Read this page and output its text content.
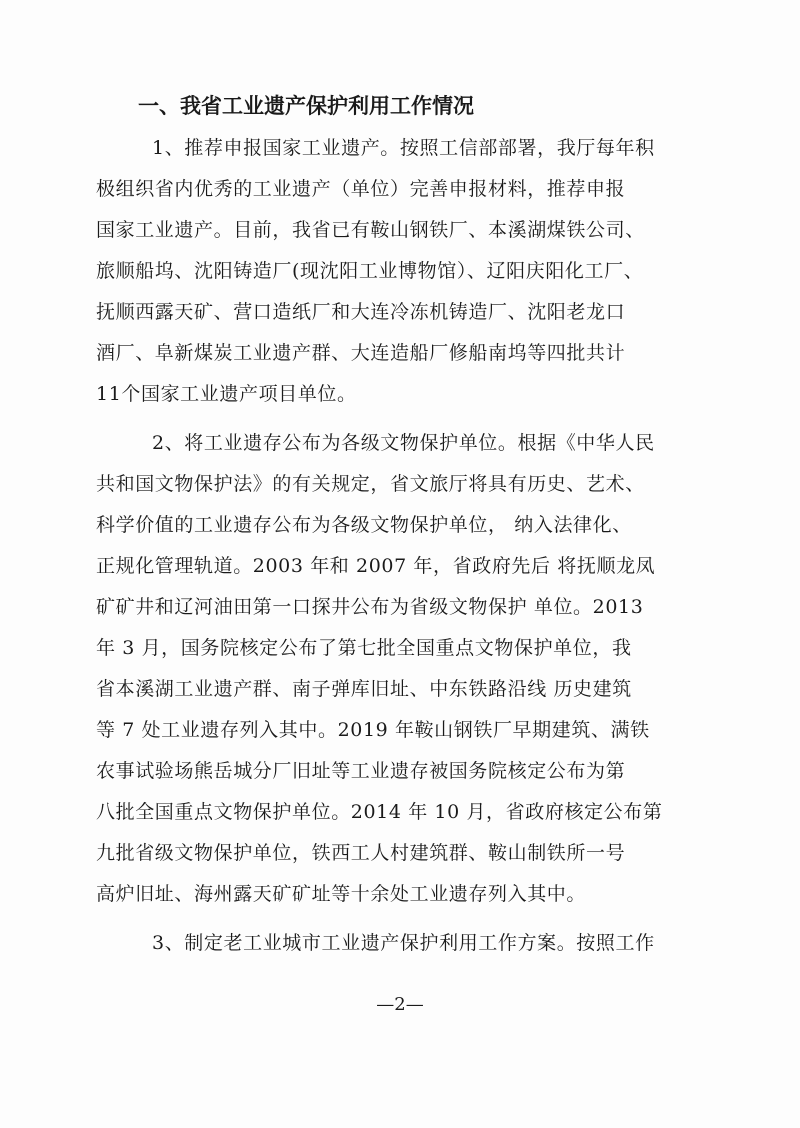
一、我省工业遗产保护利用工作情况
1、推荐申报国家工业遗产。按照工信部部署，我厅每年积
极组织省内优秀的工业遗产（单位）完善申报材料，推荐申报
国家工业遗产。目前，我省已有鞍山钢铁厂、本溪湖煤铁公司、
旅顺船坞、沈阳铸造厂(现沈阳工业博物馆）、辽阳庆阳化工厂、
抚顺西露天矿、营口造纸厂和大连冷冻机铸造厂、沈阳老龙口
酒厂、阜新煤炭工业遗产群、大连造船厂修船南坞等四批共计
11个国家工业遗产项目单位。
2、将工业遗存公布为各级文物保护单位。根据《中华人民
共和国文物保护法》的有关规定，省文旅厅将具有历史、艺术、
科学价值的工业遗存公布为各级文物保护单位， 纳入法律化、
正规化管理轨道。2003 年和 2007 年，省政府先后 将抚顺龙凤
矿矿井和辽河油田第一口探井公布为省级文物保护 单位。2013
年 3 月，国务院核定公布了第七批全国重点文物保护单位，我
省本溪湖工业遗产群、南子弹库旧址、中东铁路沿线 历史建筑
等 7 处工业遗存列入其中。2019 年鞍山钢铁厂早期建筑、满铁
农事试验场熊岳城分厂旧址等工业遗存被国务院核定公布为第
八批全国重点文物保护单位。2014 年 10 月，省政府核定公布第
九批省级文物保护单位，铁西工人村建筑群、鞍山制铁所一号
高炉旧址、海州露天矿矿址等十余处工业遗存列入其中。
3、制定老工业城市工业遗产保护利用工作方案。按照工作
—2—
